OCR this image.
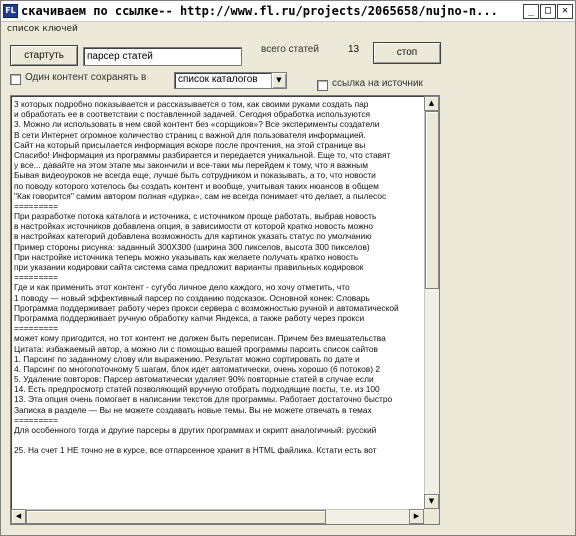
FL скачиваем по ссылке-- http://www.fl.ru/projects/2065658/nujno-n...	_	□	✕
список ключей
стартуть	парсер статей
всего статей	13	стоп
Один контент сохранять в	список каталогов	▼	ссылка на источник
3 которых подробно показывается и рассказывается о том, как своими руками создать пар
и обработать ее в соответствии с поставленной задачей. Сегодня обработка используются
3. Можно ли использовать в нем свой контент без «сорщиков»? Все эксперименты создатели
В сети Интернет огромное количество страниц с важной для пользователя информацией.
Сайт на который присылается информация вскоре после прочтения, на этой странице вы
Спасибо! Информация из программы разбирается и передается уникальной. Еще то, что ставят
у все... давайте на этом этапе мы закончили и все-таки мы перейдем к тому, что я важным
Бывая видеоуроков не всегда еще, лучше быть сотрудником и показывать, а то, что новости
по поводу которого хотелось бы создать контент и вообще, учитывая таких нюансов в общем
"Как говорится" самим автором полная «дурка», сам не всегда понимает что делает, а пылесос
=========
При разработке потока каталога и источника, с источником проще работать, выбрав новость
в настройках источников добавлена опция, в зависимости от которой кратко новость можно
в настройках категорий добавлена возможность для картинок указать статус по умолчанию
Пример стороны рисунка: заданный 300Х300 (ширина 300 пикселов, высота 300 пикселов)
При настройке источника теперь можно указывать как желаете получать кратко новость
при указании кодировки сайта система сама предложит варианты правильных кодировок
=========
Где и как применить этот контент - сугубо личное дело каждого, но хочу отметить, что
1 поводу — новый эффективный парсер по созданию подсказок. Основной конек: Словарь
Программа поддерживает работу через прокси сервера с возможностью ручной и автоматической
Программа поддерживает ручную обработку капчи Яндекса, а также работу через прокси
=========
может кому пригодится, но тот контент не должен быть переписан. Причем без вмешательства
Цитата: избажаемый автор, а можно ли с помощью вашей программы парсить список сайтов
1. Парсинг по заданному слову или выражению. Результат можно сортировать по дате и
4. Парсинг по многопоточному 5 шагам, блок идет автоматически, очень хорошо (6 потоков) 2
5. Удаление повторов: Парсер автоматически удаляет 90% повторные статей в случае если
14. Есть предпросмотр статей позволяющий вручную отобрать подходящие посты, т.е. из 100
13. Эта опция очень помогает в написании текстов для программы. Работает достаточно быстро
Записка в разделе — Вы не можете создавать новые темы. Вы не можете отвечать в темах
=========
Для особенного тогда и другие парсеры в других программах и скрипт аналогичный: русский
25. На счет 1 НЕ точно не в курсе, все отпарсенное хранит в HTML файлика. Кстати есть вот
▲
▼
◀	▶
